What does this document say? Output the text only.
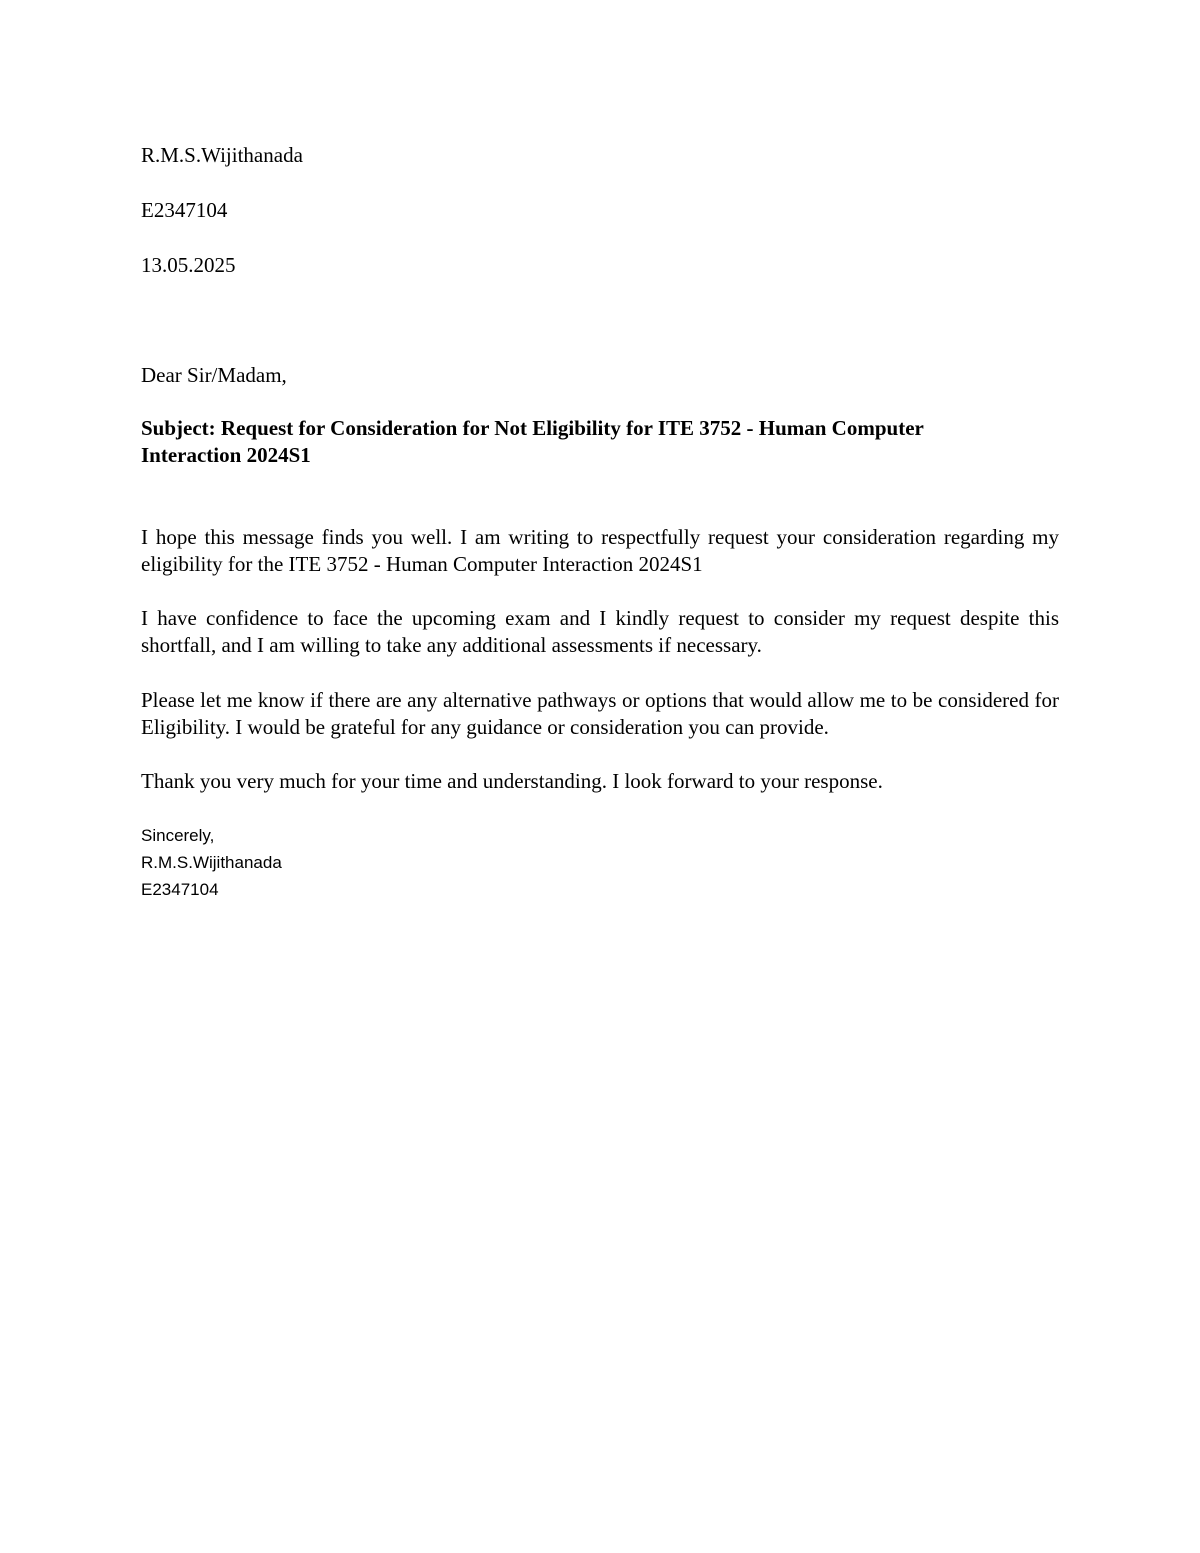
R.M.S.Wijithanada
E2347104
13.05.2025
Dear Sir/Madam,
Subject: Request for Consideration for Not Eligibility for ITE 3752 - Human Computer
Interaction 2024S1
I hope this message finds you well. I am writing to respectfully request your consideration regarding my eligibility for the ITE 3752 - Human Computer Interaction 2024S1
I have confidence to face the upcoming exam and I kindly request to consider my request despite this shortfall, and I am willing to take any additional assessments if necessary.
Please let me know if there are any alternative pathways or options that would allow me to be considered for Eligibility. I would be grateful for any guidance or consideration you can provide.
Thank you very much for your time and understanding. I look forward to your response.
Sincerely,
R.M.S.Wijithanada
E2347104
